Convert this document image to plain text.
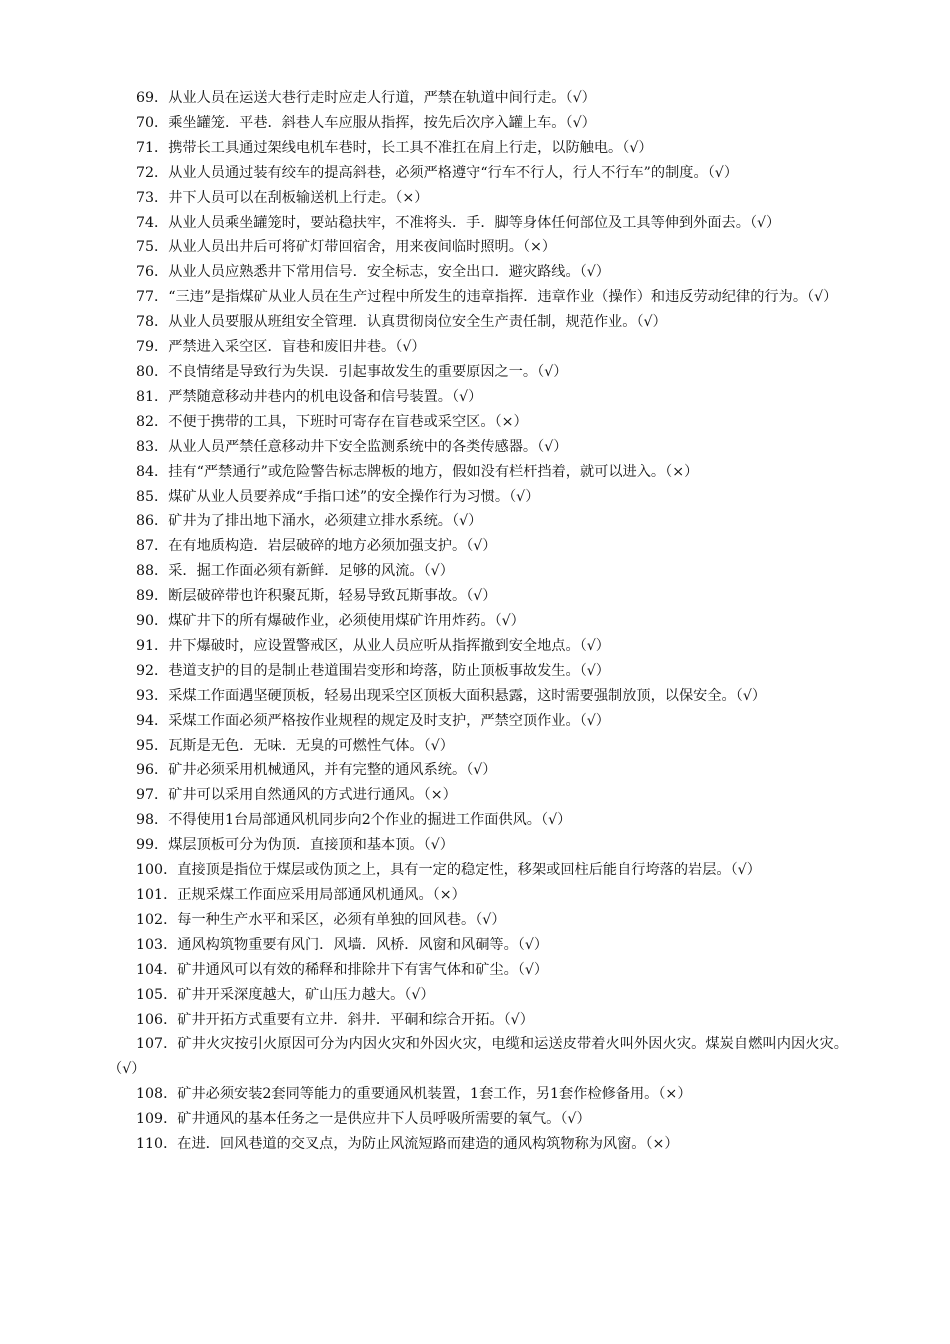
69．从业人员在运送大巷行走时应走人行道，严禁在轨道中间行走。（√）

70．乘坐罐笼．平巷．斜巷人车应服从指挥，按先后次序入罐上车。（√）

71．携带长工具通过架线电机车巷时，长工具不准扛在肩上行走，以防触电。（√）

72．从业人员通过装有绞车的提高斜巷，必须严格遵守“行车不行人，行人不行车”的制度。（√）

73．井下人员可以在刮板输送机上行走。（×）

74．从业人员乘坐罐笼时，要站稳扶牢，不准将头．手．脚等身体任何部位及工具等伸到外面去。（√）

75．从业人员出井后可将矿灯带回宿舍，用来夜间临时照明。（×）

76．从业人员应熟悉井下常用信号．安全标志，安全出口．避灾路线。（√）

77．“三违”是指煤矿从业人员在生产过程中所发生的违章指挥．违章作业（操作）和违反劳动纪律的行为。（√）

78．从业人员要服从班组安全管理．认真贯彻岗位安全生产责任制，规范作业。（√）

79．严禁进入采空区．盲巷和废旧井巷。（√）

80．不良情绪是导致行为失误．引起事故发生的重要原因之一。（√）

81．严禁随意移动井巷内的机电设备和信号装置。（√）

82．不便于携带的工具，下班时可寄存在盲巷或采空区。（×）

83．从业人员严禁任意移动井下安全监测系统中的各类传感器。（√）

84．挂有“严禁通行”或危险警告标志牌板的地方，假如没有栏杆挡着，就可以进入。（×）

85．煤矿从业人员要养成“手指口述”的安全操作行为习惯。（√）

86．矿井为了排出地下涌水，必须建立排水系统。（√）

87．在有地质构造．岩层破碎的地方必须加强支护。（√）

88．采．掘工作面必须有新鲜．足够的风流。（√）

89．断层破碎带也许积聚瓦斯，轻易导致瓦斯事故。（√）

90．煤矿井下的所有爆破作业，必须使用煤矿许用炸药。（√）

91．井下爆破时，应设置警戒区，从业人员应听从指挥撤到安全地点。（√）

92．巷道支护的目的是制止巷道围岩变形和垮落，防止顶板事故发生。（√）

93．采煤工作面遇坚硬顶板，轻易出现采空区顶板大面积悬露，这时需要强制放顶，以保安全。（√）

94．采煤工作面必须严格按作业规程的规定及时支护，严禁空顶作业。（√）

95．瓦斯是无色．无味．无臭的可燃性气体。（√）

96．矿井必须采用机械通风，并有完整的通风系统。（√）

97．矿井可以采用自然通风的方式进行通风。（×）

98．不得使用1台局部通风机同步向2个作业的掘进工作面供风。（√）

99．煤层顶板可分为伪顶．直接顶和基本顶。（√）

100．直接顶是指位于煤层或伪顶之上，具有一定的稳定性，移架或回柱后能自行垮落的岩层。（√）

101．正规采煤工作面应采用局部通风机通风。（×）

102．每一种生产水平和采区，必须有单独的回风巷。（√）

103．通风构筑物重要有风门．风墙．风桥．风窗和风硐等。（√）

104．矿井通风可以有效的稀释和排除井下有害气体和矿尘。（√）

105．矿井开采深度越大，矿山压力越大。（√）

106．矿井开拓方式重要有立井．斜井．平硐和综合开拓。（√）

107．矿井火灾按引火原因可分为内因火灾和外因火灾，电缆和运送皮带着火叫外因火灾。煤炭自燃叫内因火灾。（√）

108．矿井必须安装2套同等能力的重要通风机装置，1套工作，另1套作检修备用。（×）

109．矿井通风的基本任务之一是供应井下人员呼吸所需要的氧气。（√）

110．在进．回风巷道的交叉点，为防止风流短路而建造的通风构筑物称为风窗。（×）
